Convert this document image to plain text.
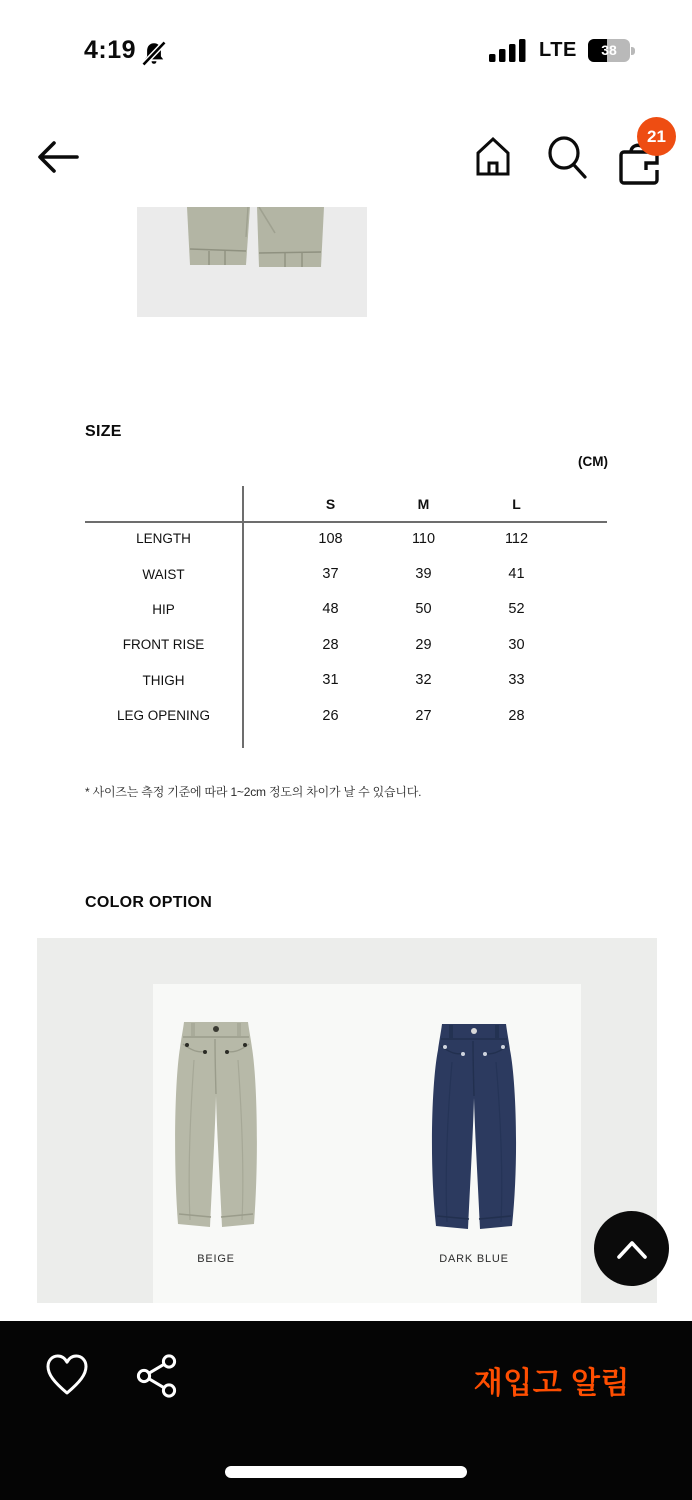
4:19	LTE	38
21
SIZE
(CM)
S	M	L
LENGTH	108	110	112
WAIST	37	39	41
HIP	48	50	52
FRONT RISE	28	29	30
THIGH	31	32	33
LEG OPENING	26	27	28
* 사이즈는 측정 기준에 따라 1~2cm 정도의 차이가 날 수 있습니다.
COLOR OPTION
BEIGE	DARK BLUE
재입고 알림
